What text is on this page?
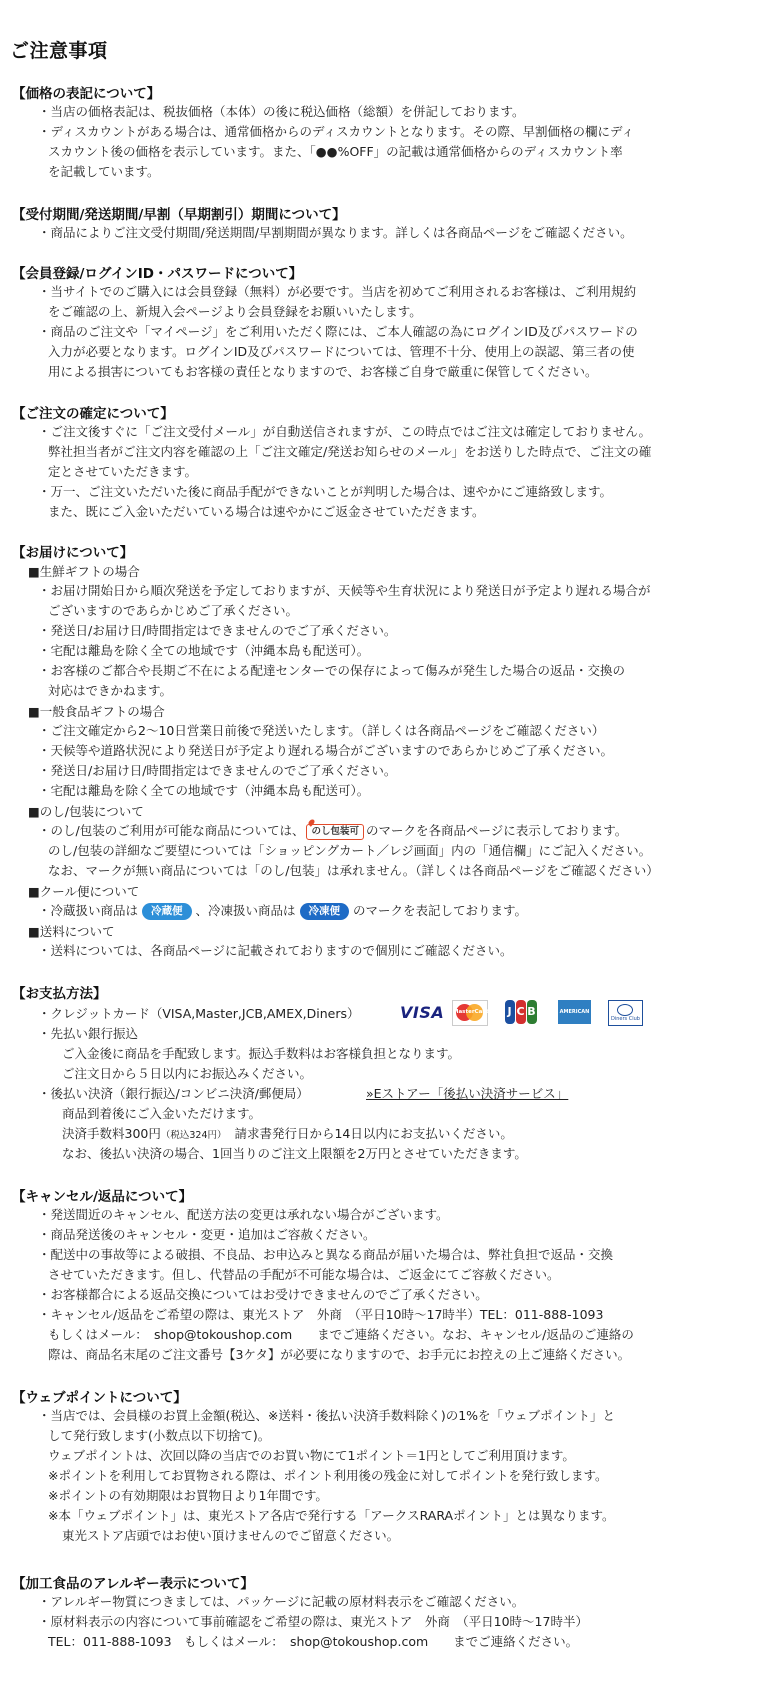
ご注意事項
【価格の表記について】
・当店の価格表記は、税抜価格（本体）の後に税込価格（総額）を併記しております。
・ディスカウントがある場合は、通常価格からのディスカウントとなります。その際、早割価格の欄にディ
スカウント後の価格を表示しています。また、「●●%OFF」の記載は通常価格からのディスカウント率
を記載しています。
【受付期間/発送期間/早割（早期割引）期間について】
・商品によりご注文受付期間/発送期間/早割期間が異なります。詳しくは各商品ページをご確認ください。
【会員登録/ログインID・パスワードについて】
・当サイトでのご購入には会員登録（無料）が必要です。当店を初めてご利用されるお客様は、ご利用規約
をご確認の上、新規入会ページより会員登録をお願いいたします。
・商品のご注文や「マイページ」をご利用いただく際には、ご本人確認の為にログインID及びパスワードの
入力が必要となります。ログインID及びパスワードについては、管理不十分、使用上の誤認、第三者の使
用による損害についてもお客様の責任となりますので、お客様ご自身で厳重に保管してください。
【ご注文の確定について】
・ご注文後すぐに「ご注文受付メール」が自動送信されますが、この時点ではご注文は確定しておりません。
弊社担当者がご注文内容を確認の上「ご注文確定/発送お知らせのメール」をお送りした時点で、ご注文の確
定とさせていただきます。
・万一、ご注文いただいた後に商品手配ができないことが判明した場合は、速やかにご連絡致します。
また、既にご入金いただいている場合は速やかにご返金させていただきます。
【お届けについて】
■生鮮ギフトの場合
・お届け開始日から順次発送を予定しておりますが、天候等や生育状況により発送日が予定より遅れる場合が
ございますのであらかじめご了承ください。
・発送日/お届け日/時間指定はできませんのでご了承ください。
・宅配は離島を除く全ての地域です（沖縄本島も配送可）。
・お客様のご都合や長期ご不在による配達センターでの保存によって傷みが発生した場合の返品・交換の
対応はできかねます。
■一般食品ギフトの場合
・ご注文確定から2〜10日営業日前後で発送いたします。（詳しくは各商品ページをご確認ください）
・天候等や道路状況により発送日が予定より遅れる場合がございますのであらかじめご了承ください。
・発送日/お届け日/時間指定はできませんのでご了承ください。
・宅配は離島を除く全ての地域です（沖縄本島も配送可）。
■のし/包装について
・のし/包装のご利用が可能な商品については、 のし包装可 のマークを各商品ページに表示しております。
のし/包装の詳細なご要望については「ショッピングカート／レジ画面」内の「通信欄」にご記入ください。
なお、マークが無い商品については「のし/包装」は承れません。（詳しくは各商品ページをご確認ください）
■クール便について
・冷蔵扱い商品は 冷蔵便 、冷凍扱い商品は 冷凍便 のマークを表記しております。
■送料について
・送料については、各商品ページに記載されておりますので個別にご確認ください。
【お支払方法】
・クレジットカード（VISA,Master,JCB,AMEX,Diners）	VISA MasterCard J C B	AMERICAN EXPRESS
Diners Club
・先払い銀行振込
ご入金後に商品を手配致します。振込手数料はお客様負担となります。
ご注文日から５日以内にお振込みください。
・後払い決済（銀行振込/コンビニ決済/郵便局）	»Eストアー「後払い決済サービス」
商品到着後にご入金いただけます。
決済手数料300円（税込324円） 請求書発行日から14日以内にお支払いください。
なお、後払い決済の場合、1回当りのご注文上限額を2万円とさせていただきます。
【キャンセル/返品について】
・発送間近のキャンセル、配送方法の変更は承れない場合がございます。
・商品発送後のキャンセル・変更・追加はご容赦ください。
・配送中の事故等による破損、不良品、お申込みと異なる商品が届いた場合は、弊社負担で返品・交換
させていただきます。但し、代替品の手配が不可能な場合は、ご返金にてご容赦ください。
・お客様都合による返品交換についてはお受けできませんのでご了承ください。
・キャンセル/返品をご希望の際は、東光ストア　外商　（平日10時〜17時半）TEL：011-888-1093
もしくはメール：　shop@tokoushop.com　　までご連絡ください。なお、キャンセル/返品のご連絡の
際は、商品名末尾のご注文番号【3ケタ】が必要になりますので、お手元にお控えの上ご連絡ください。
【ウェブポイントについて】
・当店では、会員様のお買上金額(税込、※送料・後払い決済手数料除く)の1%を「ウェブポイント」と
して発行致します(小数点以下切捨て)。
ウェブポイントは、次回以降の当店でのお買い物にて1ポイント＝1円としてご利用頂けます。
※ポイントを利用してお買物される際は、ポイント利用後の残金に対してポイントを発行致します。
※ポイントの有効期限はお買物日より1年間です。
※本「ウェブポイント」は、東光ストア各店で発行する「アークスRARAポイント」とは異なります。
東光ストア店頭ではお使い頂けませんのでご留意ください。
【加工食品のアレルギー表示について】
・アレルギー物質につきましては、パッケージに記載の原材料表示をご確認ください。
・原材料表示の内容について事前確認をご希望の際は、東光ストア　外商　（平日10時〜17時半）
TEL：011-888-1093　もしくはメール：　shop@tokoushop.com　　までご連絡ください。
